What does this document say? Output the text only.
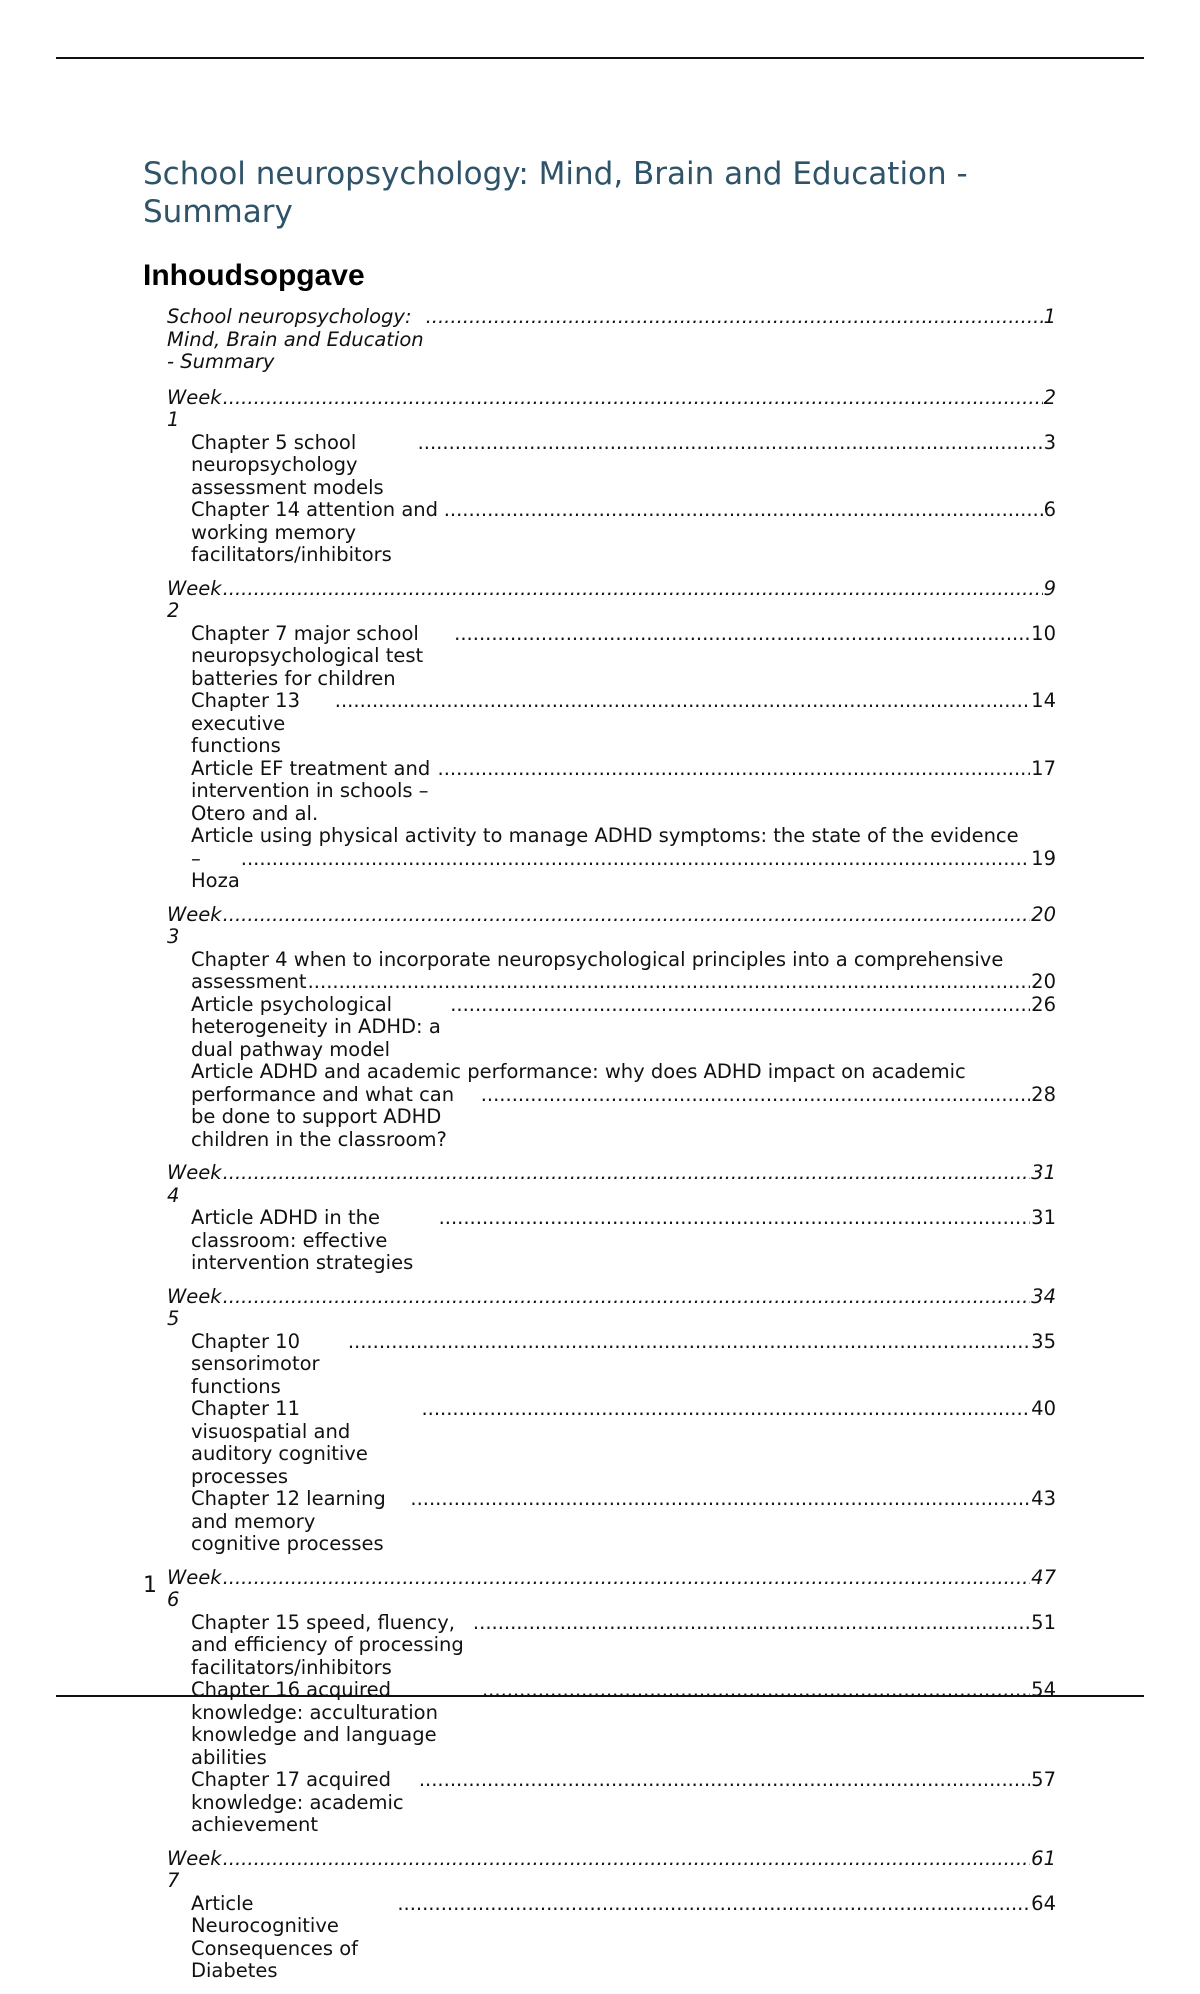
School neuropsychology: Mind, Brain and Education - Summary
Inhoudsopgave
School neuropsychology: Mind, Brain and Education - Summary
.....
1
Week 1
.....
2
Chapter 5 school neuropsychology assessment models
.....
3
Chapter 14 attention and working memory facilitators/inhibitors
.....
6
Week 2
.....
9
Chapter 7 major school neuropsychological test batteries for children
.....
10
Chapter 13 executive functions
.....
14
Article EF treatment and intervention in schools – Otero and al.
.....
17
Article using physical activity to manage ADHD symptoms: the state of the evidence
– Hoza
.....
19
Week 3
.....
20
Chapter 4 when to incorporate neuropsychological principles into a comprehensive
assessment
.....	20
Article psychological heterogeneity in ADHD: a dual pathway model
.....
26
Article ADHD and academic performance: why does ADHD impact on academic
performance and what can be done to support ADHD children in the classroom?
.....
28
Week 4
.....
31
Article ADHD in the classroom: effective intervention strategies
.....
31
Week 5
.....
34
Chapter 10 sensorimotor functions
.....
35
Chapter 11 visuospatial and auditory cognitive processes
.....
40
Chapter 12 learning and memory cognitive processes
.....
43
Week 6
.....
47
Chapter 15 speed, fluency, and efficiency of processing facilitators/inhibitors
.....
51
Chapter 16 acquired knowledge: acculturation knowledge and language abilities
.....
54
Chapter 17 acquired knowledge: academic achievement
.....
57
Week 7
.....
61
Article Neurocognitive Consequences of Diabetes
.....
64
1
